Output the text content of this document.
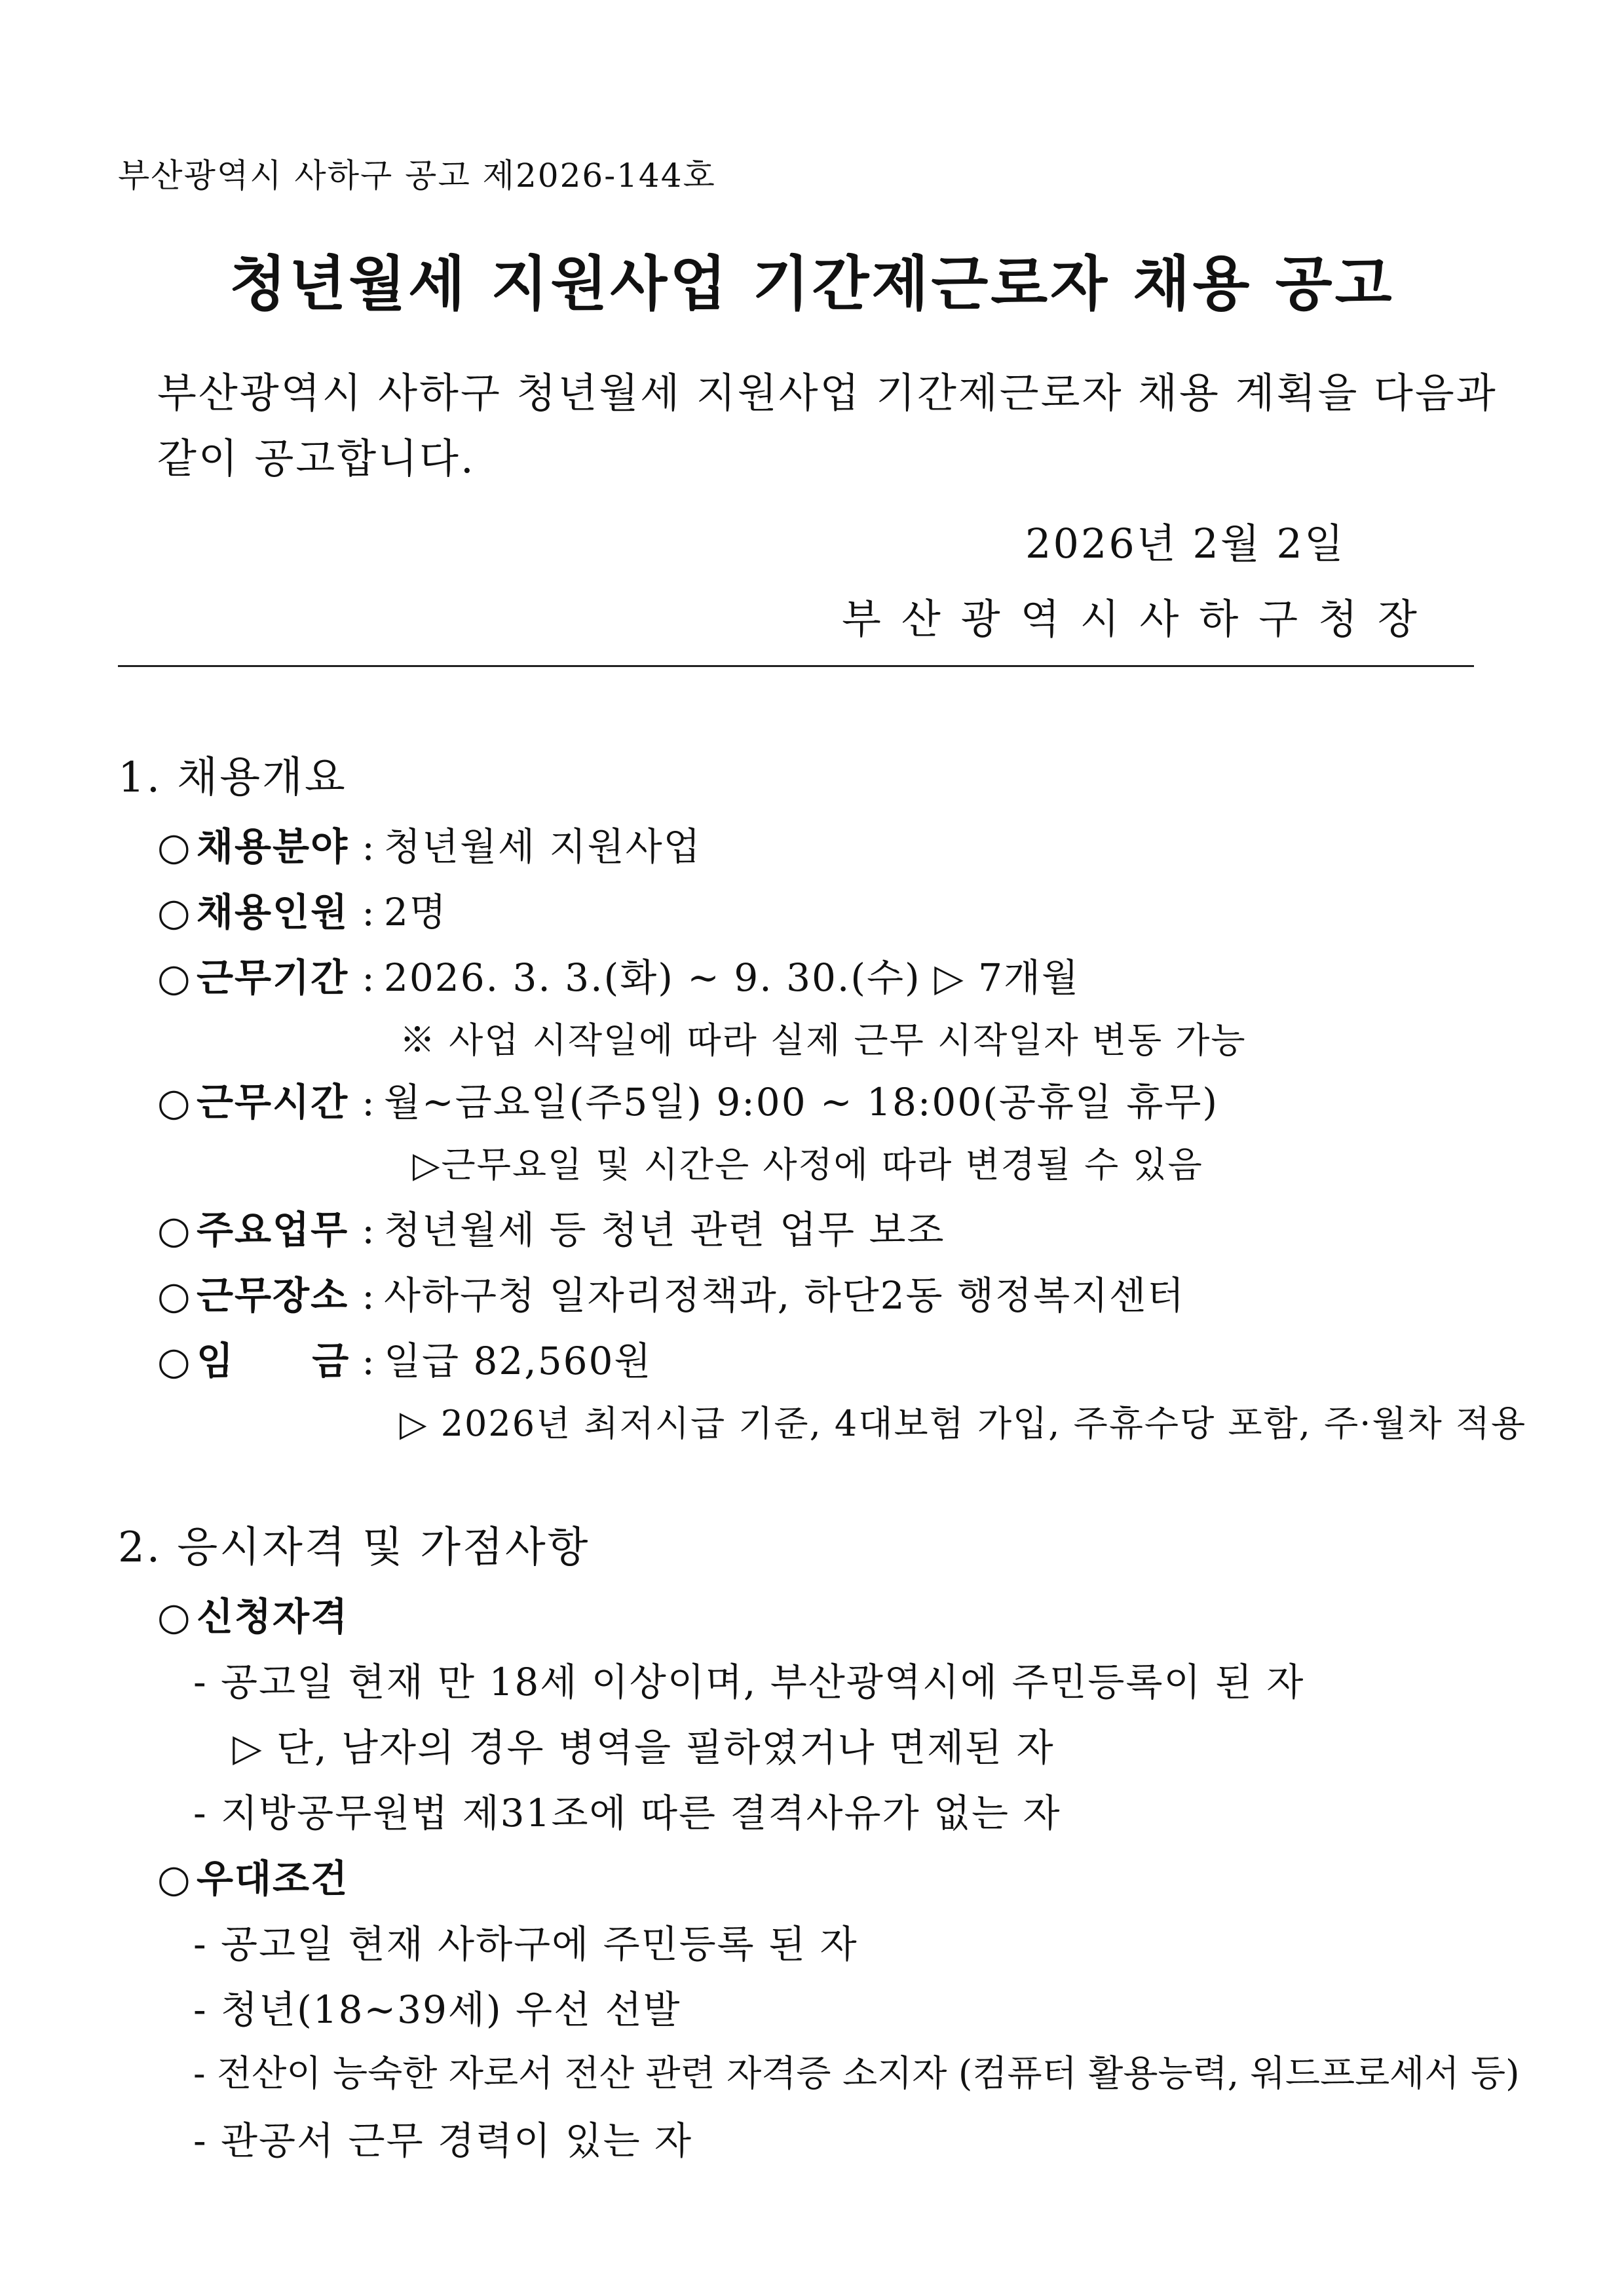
부산광역시 사하구 공고 제2026-144호
청년월세 지원사업 기간제근로자 채용 공고
부산광역시 사하구 청년월세 지원사업 기간제근로자 채용 계획을 다음과
같이 공고합니다.
2026년 2월 2일
부산광역시사하구청장
1. 채용개요
○ 채용분야 : 청년월세 지원사업
○ 채용인원 : 2명
○ 근무기간 : 2026. 3. 3.(화) ~ 9. 30.(수) ▷ 7개월
※ 사업 시작일에 따라 실제 근무 시작일자 변동 가능
○ 근무시간 : 월~금요일(주5일) 9:00 ~ 18:00(공휴일 휴무)
▷근무요일 및 시간은 사정에 따라 변경될 수 있음
○ 주요업무 : 청년월세 등 청년 관련 업무 보조
○ 근무장소 : 사하구청 일자리정책과, 하단2동 행정복지센터
○ 임 금 : 일급 82,560원
▷ 2026년 최저시급 기준, 4대보험 가입, 주휴수당 포함, 주·월차 적용
2. 응시자격 및 가점사항
○ 신청자격
- 공고일 현재 만 18세 이상이며, 부산광역시에 주민등록이 된 자
▷ 단, 남자의 경우 병역을 필하였거나 면제된 자
- 지방공무원법 제31조에 따른 결격사유가 없는 자
○ 우대조건
- 공고일 현재 사하구에 주민등록 된 자
- 청년(18~39세) 우선 선발
- 전산이 능숙한 자로서 전산 관련 자격증 소지자 (컴퓨터 활용능력, 워드프로세서 등)
- 관공서 근무 경력이 있는 자
